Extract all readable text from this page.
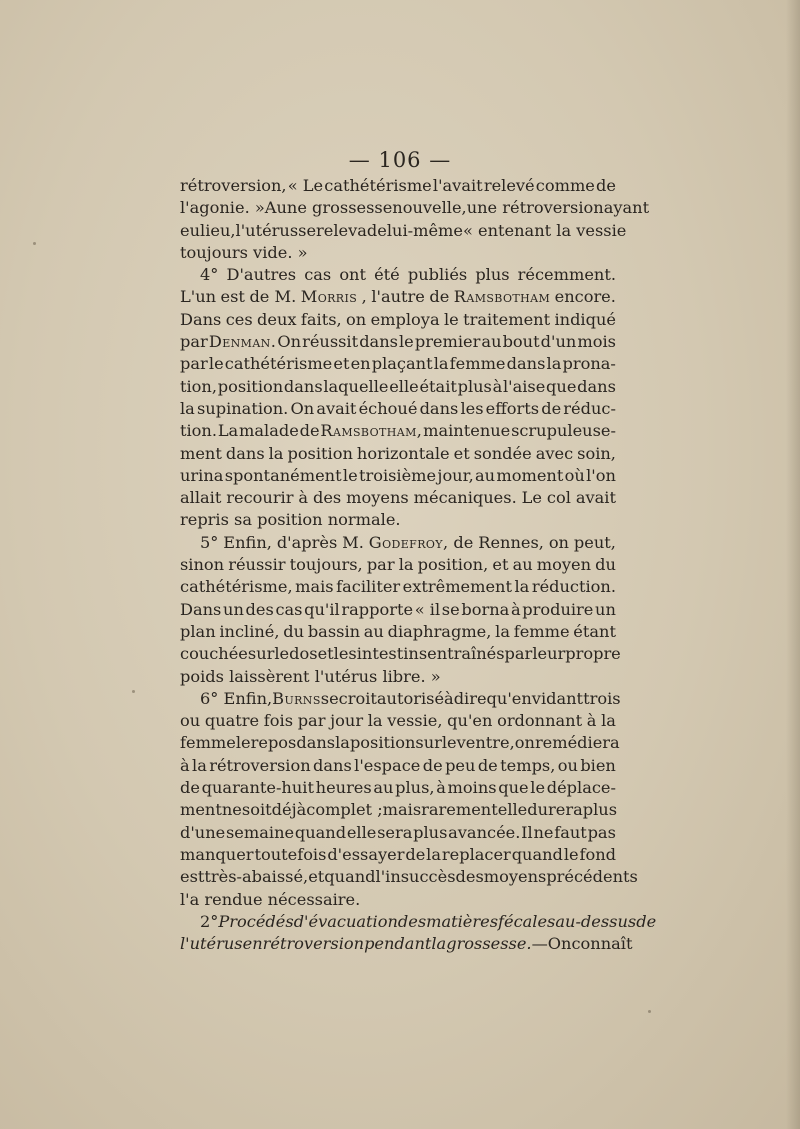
— 106 —
rétroversion, « Le cathétérisme l'avait relevé comme de
l'agonie. » A une grossesse nouvelle, une rétroversion ayant
eu lieu, l'utérus se releva de lui-même « en tenant la vessie
toujours vide. »
4° D'autres cas ont été publiés plus récemment.
L'un est de M. Morris , l'autre de Ramsbotham encore.
Dans ces deux faits, on employa le traitement indiqué
par Denman. On réussit dans le premier au bout d'un mois
par le cathétérisme et en plaçant la femme dans la prona-
tion, position dans laquelle elle était plus à l'aise que dans
la supination. On avait échoué dans les efforts de réduc-
tion. La malade de Ramsbotham, maintenue scrupuleuse-
ment dans la position horizontale et sondée avec soin,
urina spontanément le troisième jour, au moment où l'on
allait recourir à des moyens mécaniques. Le col avait
repris sa position normale.
5° Enfin, d'après M. Godefroy, de Rennes, on peut,
sinon réussir toujours, par la position, et au moyen du
cathétérisme, mais faciliter extrêmement la réduction.
Dans un des cas qu'il rapporte « il se borna à produire un
plan incliné, du bassin au diaphragme, la femme étant
couchée sur le dos et les intestins entraînés par leur propre
poids laissèrent l'utérus libre. »
6° Enfin, Burns se croit autorisé à dire qu'en vidant trois
ou quatre fois par jour la vessie, qu'en ordonnant à la
femme le repos dans la position sur le ventre, on remédiera
à la rétroversion dans l'espace de peu de temps, ou bien
de quarante-huit heures au plus, à moins que le déplace-
ment ne soit déjà complet ; mais rarement elle durera plus
d'une semaine quand elle sera plus avancée. Il ne faut pas
manquer toutefois d'essayer de la replacer quand le fond
est très-abaissé, et quand l'insuccès des moyens précédents
l'a rendue nécessaire.
2° Procédés d'évacuation des matières fécales au-dessus de
l'utérus en rétroversion pendant la grossesse. — On connaît
